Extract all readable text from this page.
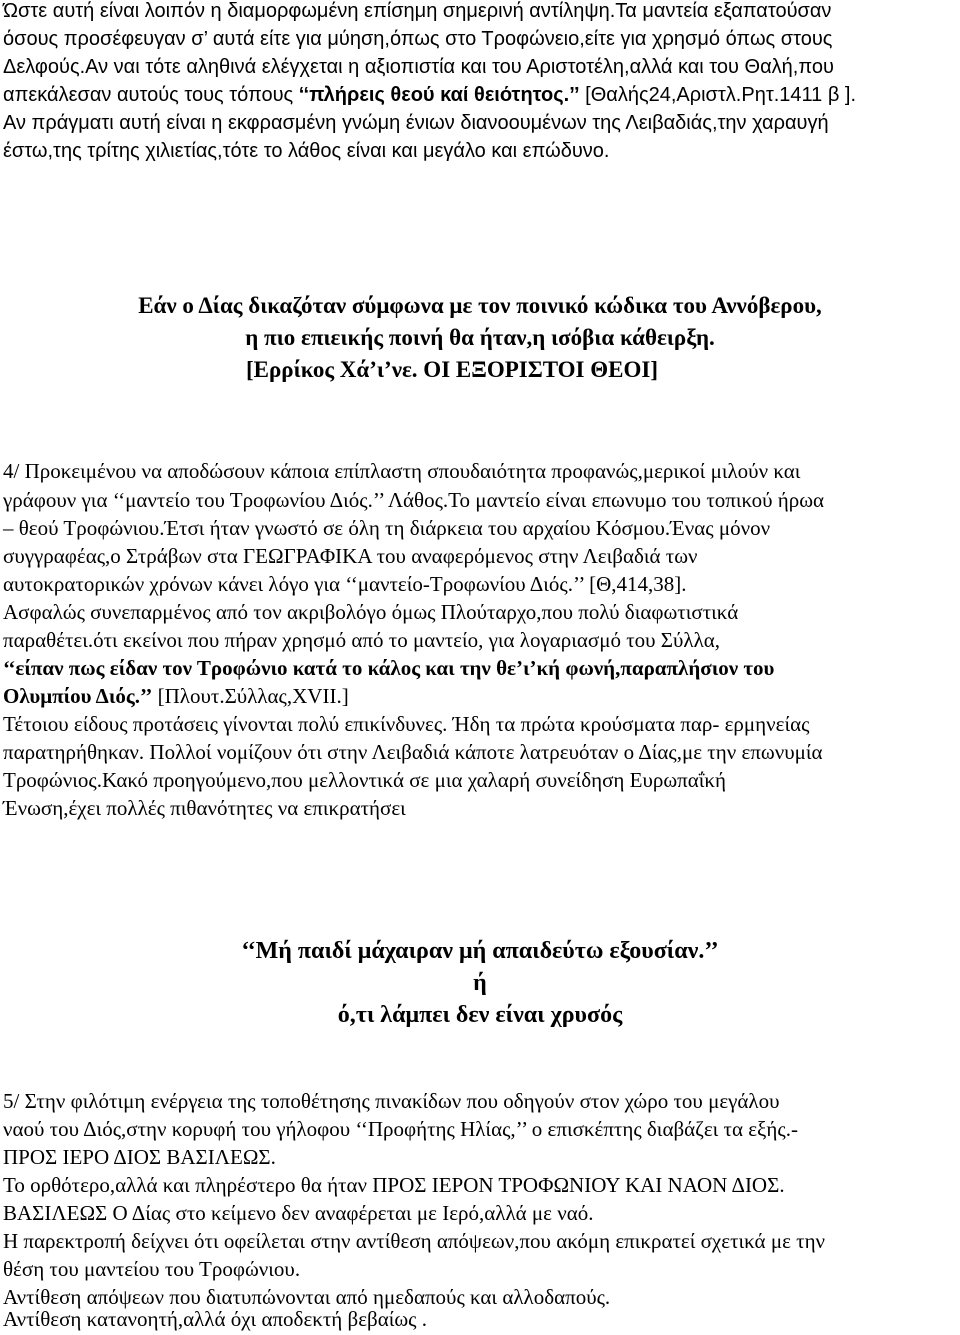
Ώστε αυτή είναι λοιπόν η διαμορφωμένη επίσημη σημερινή αντίληψη.Τα μαντεία εξαπατούσαν
όσους προσέφευγαν σ’ αυτά είτε για μύηση,όπως στο Τροφώνειο,είτε για χρησμό όπως στους
Δελφούς.Αν ναι τότε αληθινά ελέγχεται η αξιοπιστία και του Αριστοτέλη,αλλά και του Θαλή,που
απεκάλεσαν αυτούς τους τόπους ‘‘πλήρεις θεού καί θειότητος.’’ [Θαλής24,Αριστλ.Ρητ.1411 β ].
Αν πράγματι αυτή είναι η εκφρασμένη γνώμη ένιων διανοουμένων της Λειβαδιάς,την χαραυγή
έστω,της τρίτης χιλιετίας,τότε το λάθος είναι και μεγάλο και επώδυνο.
Εάν ο Δίας δικαζόταν σύμφωνα με τον ποινικό κώδικα του Αννόβερου,
η πιο επιεικής ποινή θα ήταν,η ισόβια κάθειρξη.
[Ερρίκος Χά’ι’νε. ΟΙ ΕΞΟΡΙΣΤΟΙ ΘΕΟΙ]
4/ Προκειμένου να αποδώσουν κάποια επίπλαστη σπουδαιότητα προφανώς,μερικοί μιλούν και
γράφουν για ‘‘μαντείο του Τροφωνίου Διός.’’ Λάθος.Το μαντείο είναι επωνυμο του τοπικού ήρωα
– θεού Τροφώνιου.Έτσι ήταν γνωστό σε όλη τη διάρκεια του αρχαίου Κόσμου.Ένας μόνον
συγγραφέας,ο Στράβων στα ΓΕΩΓΡΑΦΙΚΑ του αναφερόμενος στην Λειβαδιά των
αυτοκρατορικών χρόνων κάνει λόγο για ‘‘μαντείο-Τροφωνίου Διός.’’ [Θ,414,38].
Ασφαλώς συνεπαρμένος από τον ακριβολόγο όμως Πλούταρχο,που πολύ διαφωτιστικά
παραθέτει.ότι εκείνοι που πήραν χρησμό από το μαντείο, για λογαριασμό του Σύλλα,
‘‘είπαν πως είδαν τον Τροφώνιο κατά το κάλος και την θε’ι’κή φωνή,παραπλήσιον του
Ολυμπίου Διός.’’ [Πλουτ.Σύλλας,XVII.]
Τέτοιου είδους προτάσεις γίνονται πολύ επικίνδυνες. Ήδη τα πρώτα κρούσματα παρ- ερμηνείας
παρατηρήθηκαν. Πολλοί νομίζουν ότι στην Λειβαδιά κάποτε λατρευόταν ο Δίας,με την επωνυμία
Τροφώνιος.Κακό προηγούμενο,που μελλοντικά σε μια χαλαρή συνείδηση Ευρωπαΐκή
Ένωση,έχει πολλές πιθανότητες να επικρατήσει
‘‘Μή παιδί μάχαιραν μή απαιδεύτω εξουσίαν.’’
ή
ό,τι λάμπει δεν είναι χρυσός
5/ Στην φιλότιμη ενέργεια της τοποθέτησης πινακίδων που οδηγούν στον χώρο του μεγάλου
ναού του Διός,στην κορυφή του γήλοφου ‘‘Προφήτης Ηλίας,’’ ο επισκέπτης διαβάζει τα εξής.-
ΠΡΟΣ ΙΕΡΟ ΔΙΟΣ ΒΑΣΙΛΕΩΣ.
Το ορθότερο,αλλά και πληρέστερο θα ήταν ΠΡΟΣ ΙΕΡΟΝ ΤΡΟΦΩΝΙΟΥ ΚΑΙ ΝΑΟΝ ΔΙΟΣ.
ΒΑΣΙΛΕΩΣ Ο Δίας στο κείμενο δεν αναφέρεται με Ιερό,αλλά με ναό.
Η παρεκτροπή δείχνει ότι οφείλεται στην αντίθεση απόψεων,που ακόμη επικρατεί σχετικά με την
θέση του μαντείου του Τροφώνιου.
Αντίθεση απόψεων που διατυπώνονται από ημεδαπούς και αλλοδαπούς.
Αντίθεση κατανοητή,αλλά όχι αποδεκτή βεβαίως .
